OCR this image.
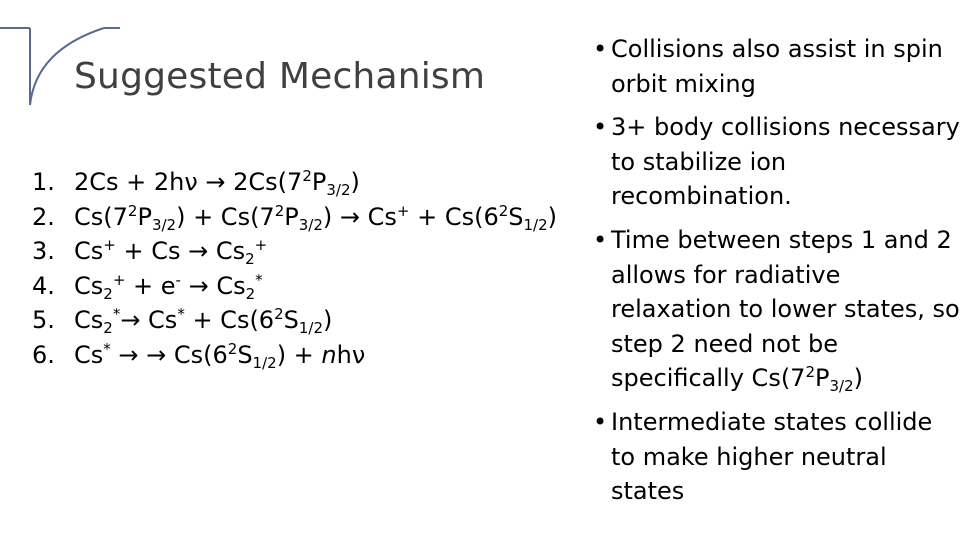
Suggested Mechanism
1. $2Cs + 2h\nu \to 2Cs(7^2P_{3/2})$
2. $Cs(7^2P_{3/2}) + Cs(7^2P_{3/2}) \to Cs^+ + Cs(6^2S_{1/2})$
3. $Cs^+ + Cs \to Cs_2^+$
4. $Cs_2^+ + e^- \to Cs_2^*$
5. $Cs_2^*\to Cs^* + Cs(6^2S_{1/2})$
6. Cs* → → $Cs(6^2S_{1/2}) + nh\nu$
• Collisions also assist in spin orbit mixing
• 3+ body collisions necessary to stabilize ion recombination.
• Time between steps 1 and 2 allows for radiative relaxation to lower states, so step 2 need not be specifically $Cs(7^2P_{3/2})$
• Intermediate states collide to make higher neutral states
